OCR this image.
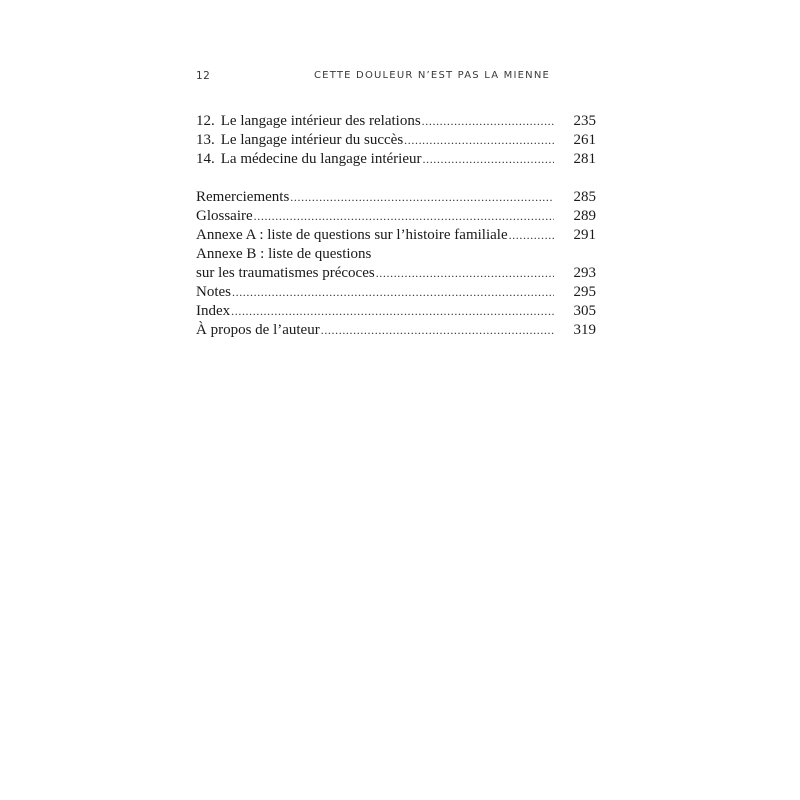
12	CETTE DOULEUR N’EST PAS LA MIENNE
12. Le langage intérieur des relations .....	235
13. Le langage intérieur du succès .....	261
14. La médecine du langage intérieur .....	281
Remerciements .....	285
Glossaire .....	289
Annexe A : liste de questions sur l’histoire familiale .....	291
Annexe B : liste de questions
sur les traumatismes précoces .....	293
Notes .....	295
Index .....	305
À propos de l’auteur .....	319
